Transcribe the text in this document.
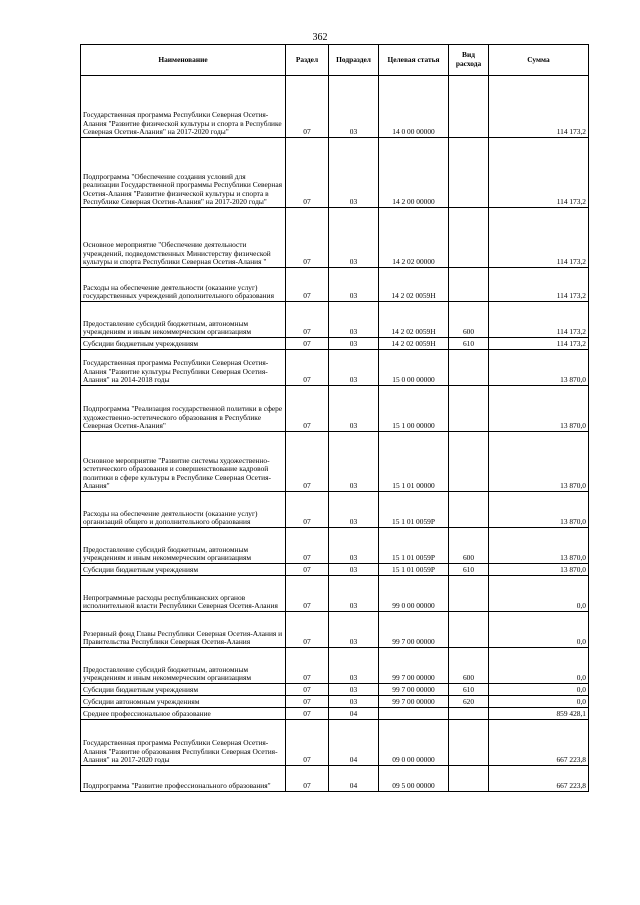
362
Наименование	Раздел	Подраздел	Целевая статья	Вид расхода	Сумма
Государственная программа Республики Северная Осетия-Алания "Развитие физической культуры и спорта в Республике Северная Осетия-Алания" на 2017-2020 годы"	07	03	14 0 00 00000		114 173,2
Подпрограмма "Обеспечение создания условий для реализации Государственной программы Республики Северная Осетия-Алания "Развитие физической культуры и спорта в Республике Северная Осетия-Алания" на 2017-2020 годы"	07	03	14 2 00 00000		114 173,2
Основное мероприятие "Обеспечение деятельности учреждений, подведомственных Министерству физической культуры и спорта Республики Северная Осетия-Алания "	07	03	14 2 02 00000		114 173,2
Расходы на обеспечение деятельности (оказание услуг) государственных учреждений дополнительного образования	07	03	14 2 02 0059Н		114 173,2
Предоставление субсидий бюджетным, автономным учреждениям и иным некоммерческим организациям	07	03	14 2 02 0059Н	600	114 173,2
Субсидии бюджетным учреждениям	07	03	14 2 02 0059Н	610	114 173,2
Государственная программа Республики Северная Осетия-Алания "Развитие культуры Республики Северная Осетия-Алания" на 2014-2018 годы	07	03	15 0 00 00000		13 870,0
Подпрограмма "Реализация государственной политики в сфере художественно-эстетического образования в Республике Северная Осетия-Алания"	07	03	15 1 00 00000		13 870,0
Основное мероприятие "Развитие системы художественно-эстетического образования и совершенствование кадровой политики в сфере культуры в Республике Северная Осетия-Алания"	07	03	15 1 01 00000		13 870,0
Расходы на обеспечение деятельности (оказание услуг) организаций общего и дополнительного образования	07	03	15 1 01 0059Р		13 870,0
Предоставление субсидий бюджетным, автономным учреждениям и иным некоммерческим организациям	07	03	15 1 01 0059Р	600	13 870,0
Субсидии бюджетным учреждениям	07	03	15 1 01 0059Р	610	13 870,0
Непрограммные расходы республиканских органов исполнительной власти Республики Северная Осетия-Алания	07	03	99 0 00 00000		0,0
Резервный фонд Главы Республики Северная Осетия-Алания и Правительства Республики Северная Осетия-Алания	07	03	99 7 00 00000		0,0
Предоставление субсидий бюджетным, автономным учреждениям и иным некоммерческим организациям	07	03	99 7 00 00000	600	0,0
Субсидии бюджетным учреждениям	07	03	99 7 00 00000	610	0,0
Субсидии автономным учреждениям	07	03	99 7 00 00000	620	0,0
Среднее профессиональное образование	07	04			859 428,1
Государственная программа Республики Северная Осетия-Алания "Развитие образования Республики Северная Осетия-Алания" на 2017-2020 годы	07	04	09 0 00 00000		667 223,8
Подпрограмма "Развитие профессионального образования"	07	04	09 5 00 00000		667 223,8
